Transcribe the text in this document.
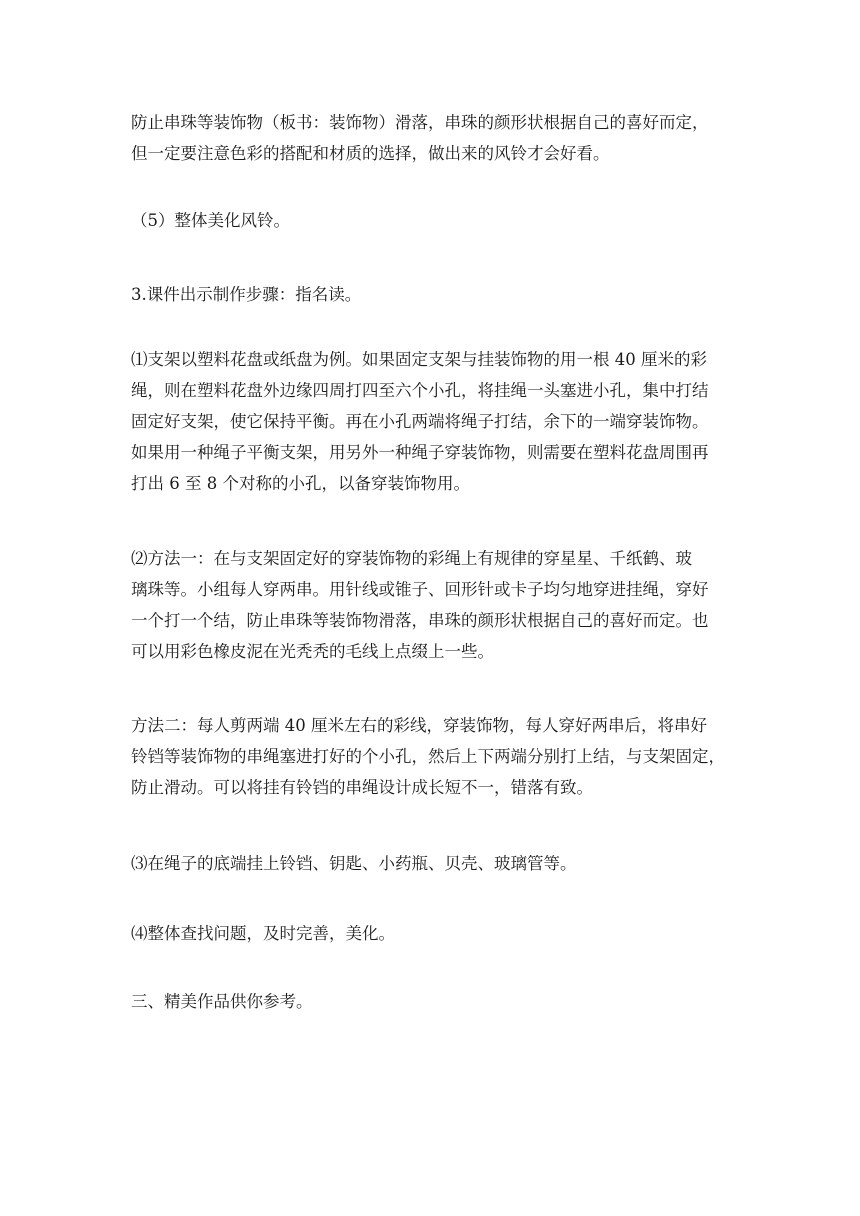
防止串珠等装饰物（板书：装饰物）滑落，串珠的颜形状根据自己的喜好而定，
但一定要注意色彩的搭配和材质的选择，做出来的风铃才会好看。

（5）整体美化风铃。

3.课件出示制作步骤：指名读。

⑴支架以塑料花盘或纸盘为例。如果固定支架与挂装饰物的用一根 40 厘米的彩
绳，则在塑料花盘外边缘四周打四至六个小孔，将挂绳一头塞进小孔，集中打结
固定好支架，使它保持平衡。再在小孔两端将绳子打结，余下的一端穿装饰物。
如果用一种绳子平衡支架，用另外一种绳子穿装饰物，则需要在塑料花盘周围再
打出 6 至 8 个对称的小孔，以备穿装饰物用。

⑵方法一：在与支架固定好的穿装饰物的彩绳上有规律的穿星星、千纸鹤、玻
璃珠等。小组每人穿两串。用针线或锥子、回形针或卡子均匀地穿进挂绳，穿好
一个打一个结，防止串珠等装饰物滑落，串珠的颜形状根据自己的喜好而定。也
可以用彩色橡皮泥在光秃秃的毛线上点缀上一些。

方法二：每人剪两端 40 厘米左右的彩线，穿装饰物，每人穿好两串后，将串好
铃铛等装饰物的串绳塞进打好的个小孔，然后上下两端分别打上结，与支架固定，
防止滑动。可以将挂有铃铛的串绳设计成长短不一，错落有致。

⑶在绳子的底端挂上铃铛、钥匙、小药瓶、贝壳、玻璃管等。

⑷整体查找问题，及时完善，美化。

三、精美作品供你参考。
